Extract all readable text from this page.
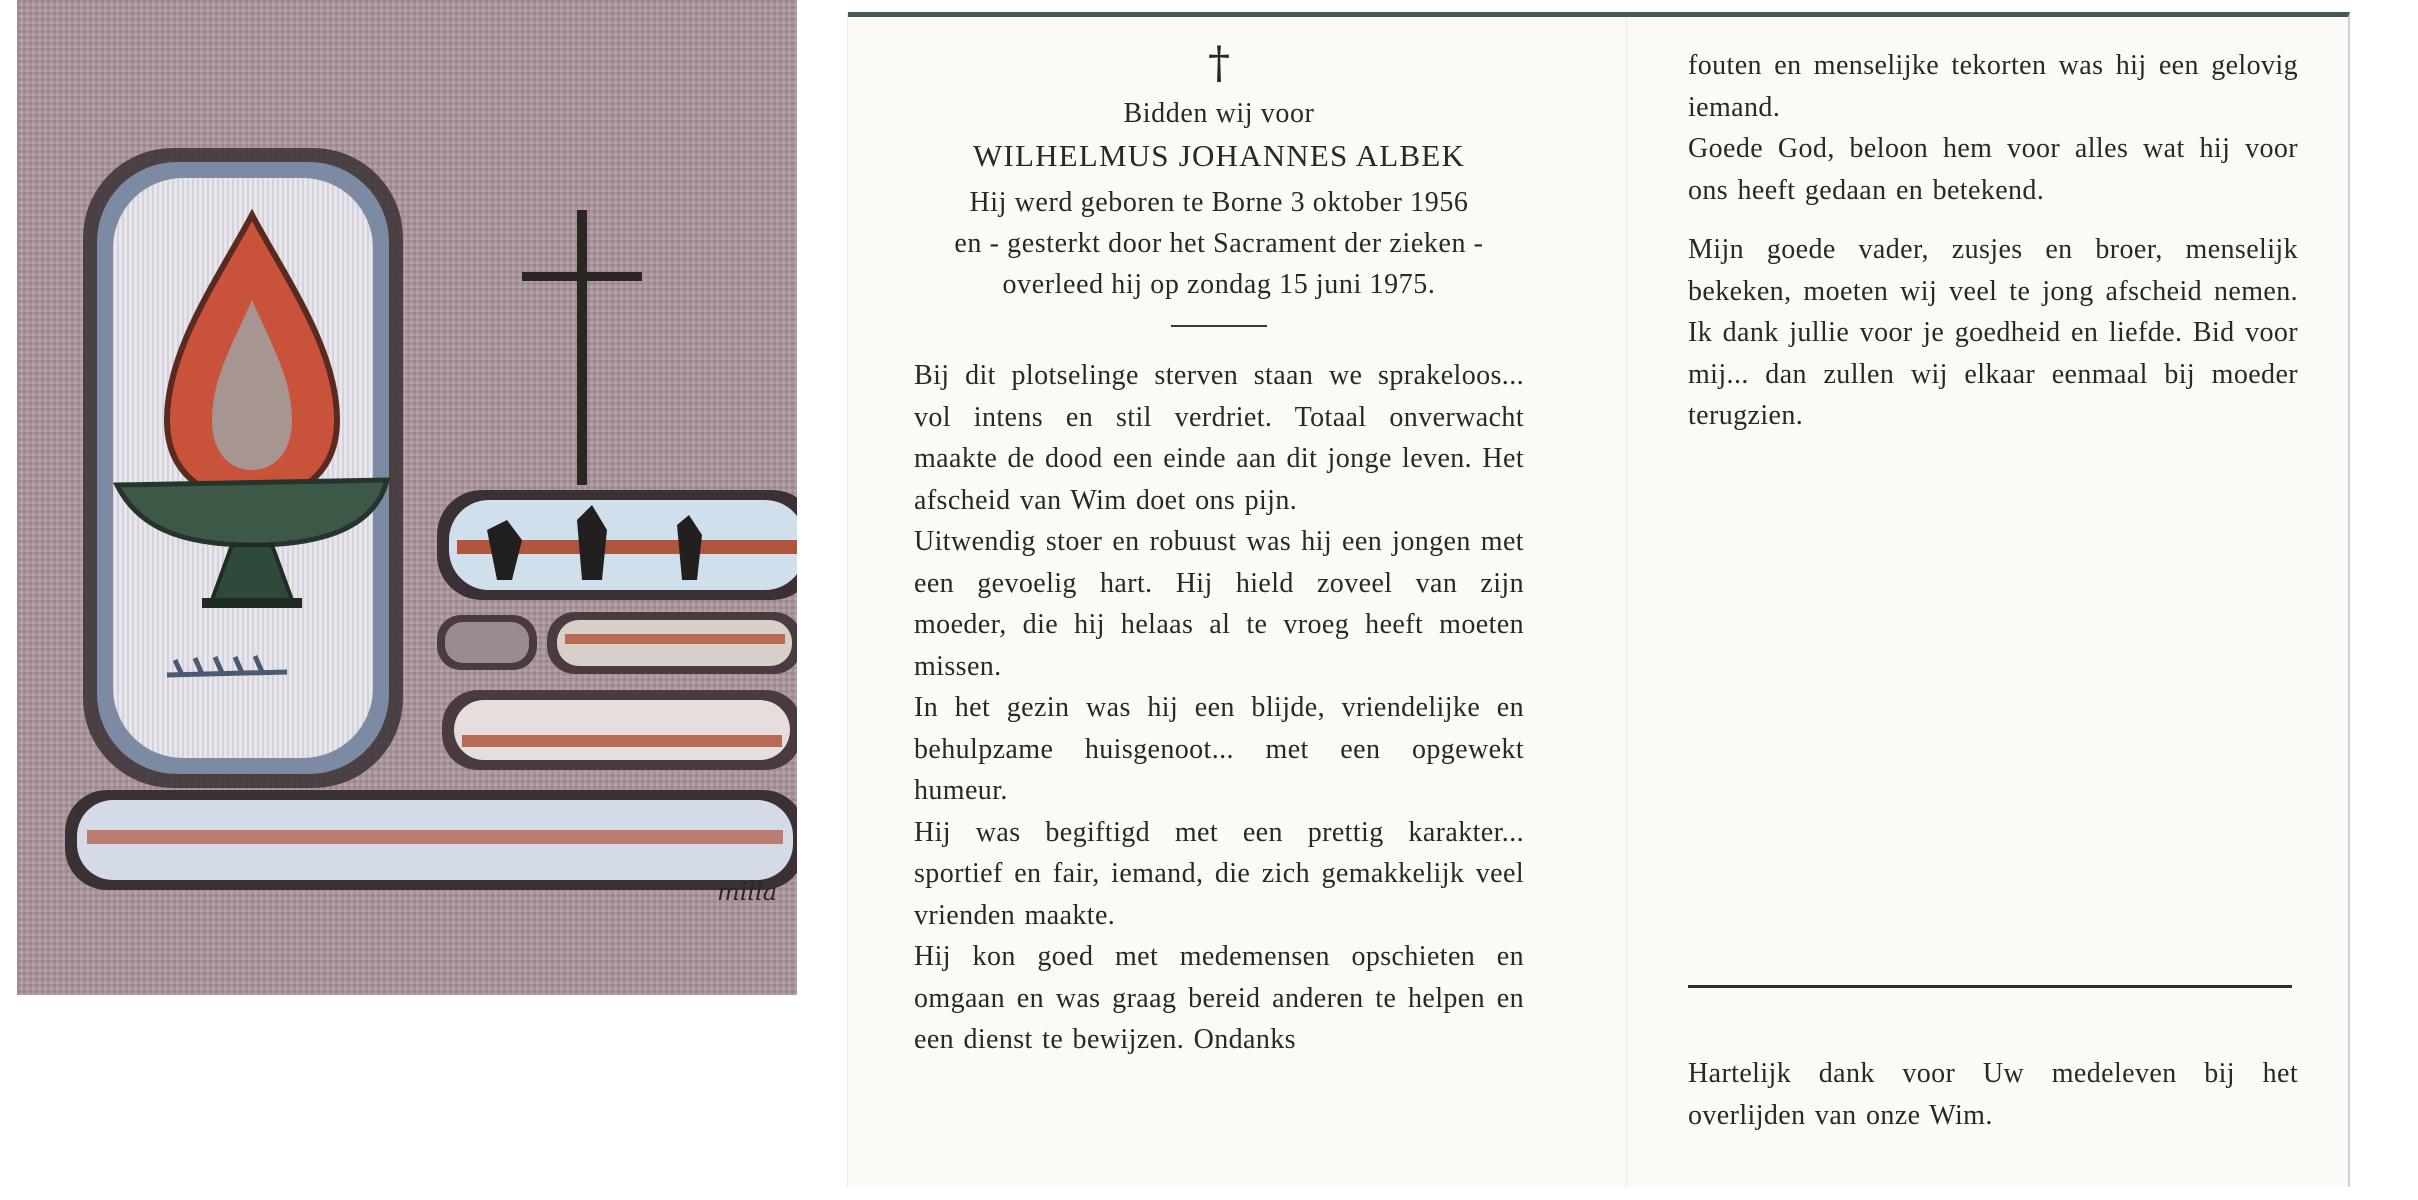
milla
†
Bidden wij voor
WILHELMUS JOHANNES ALBEK
Hij werd geboren te Borne 3 oktober 1956
en - gesterkt door het Sacrament der zieken -
overleed hij op zondag 15 juni 1975.

Bij dit plotselinge sterven staan we sprakeloos... vol intens en stil verdriet. Totaal onverwacht maakte de dood een einde aan dit jonge leven. Het afscheid van Wim doet ons pijn.

Uitwendig stoer en robuust was hij een jongen met een gevoelig hart. Hij hield zoveel van zijn moeder, die hij helaas al te vroeg heeft moeten missen.

In het gezin was hij een blijde, vriendelijke en behulpzame huisgenoot... met een opgewekt humeur.

Hij was begiftigd met een prettig karakter... sportief en fair, iemand, die zich gemakkelijk veel vrienden maakte.

Hij kon goed met medemensen opschieten en omgaan en was graag bereid anderen te helpen en een dienst te bewijzen. Ondanks

fouten en menselijke tekorten was hij een gelovig iemand.

Goede God, beloon hem voor alles wat hij voor ons heeft gedaan en betekend.

Mijn goede vader, zusjes en broer, menselijk bekeken, moeten wij veel te jong afscheid nemen. Ik dank jullie voor je goedheid en liefde. Bid voor mij... dan zullen wij elkaar eenmaal bij moeder terugzien.

Hartelijk dank voor Uw medeleven bij het overlijden van onze Wim.
